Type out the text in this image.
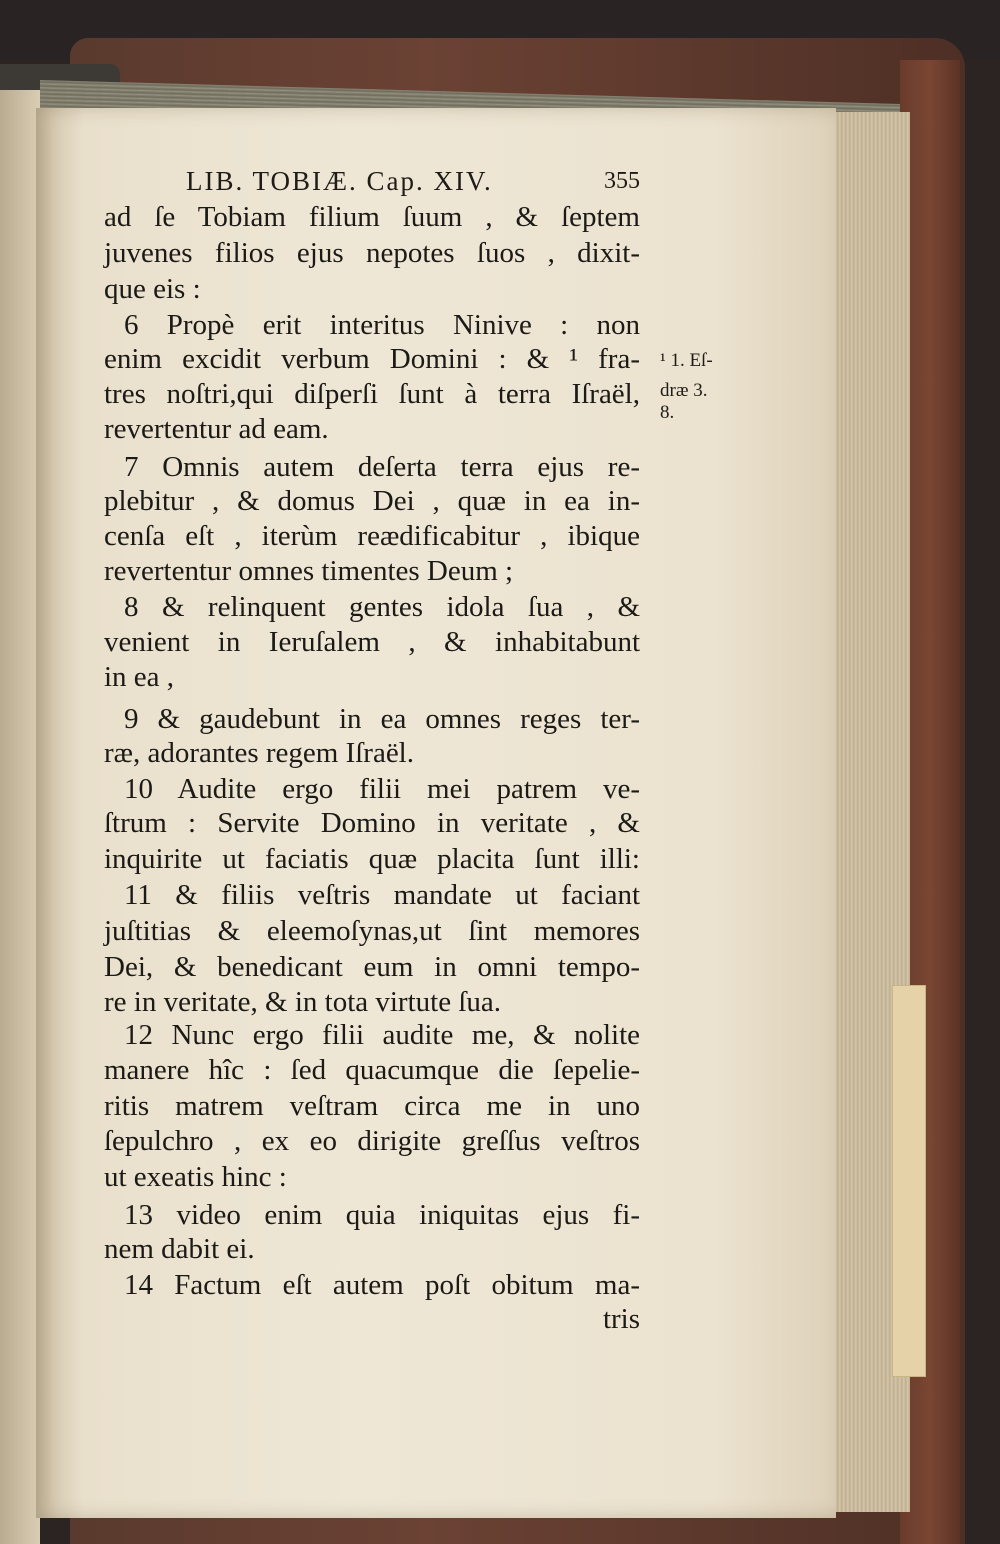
LIB. TOBIÆ. Cap. XIV.	355
ad ſe Tobiam filium ſuum , & ſeptem
juvenes filios ejus nepotes ſuos , dixit-
que eis :
6 Propè erit interitus Ninive : non
enim excidit verbum Domini : & ¹ fra-
tres noſtri,qui diſperſi ſunt à terra Iſraël,
revertentur ad eam.
7 Omnis autem deſerta terra ejus re-
plebitur , & domus Dei , quæ in ea in-
cenſa eſt , iterùm reædificabitur , ibique
revertentur omnes timentes Deum ;
8 & relinquent gentes idola ſua , &
venient in Ieruſalem , & inhabitabunt
in ea ,
9 & gaudebunt in ea omnes reges ter-
ræ, adorantes regem Iſraël.
10 Audite ergo filii mei patrem ve-
ſtrum : Servite Domino in veritate , &
inquirite ut faciatis quæ placita ſunt illi:
11 & filiis veſtris mandate ut faciant
juſtitias & eleemoſynas,ut ſint memores
Dei, & benedicant eum in omni tempo-
re in veritate, & in tota virtute ſua.
12 Nunc ergo filii audite me, & nolite
manere hîc : ſed quacumque die ſepelie-
ritis matrem veſtram circa me in uno
ſepulchro , ex eo dirigite greſſus veſtros
ut exeatis hinc :
13 video enim quia iniquitas ejus fi-
nem dabit ei.
14 Factum eſt autem poſt obitum ma-
tris
¹ 1. Eſ-
dræ 3.
8.
